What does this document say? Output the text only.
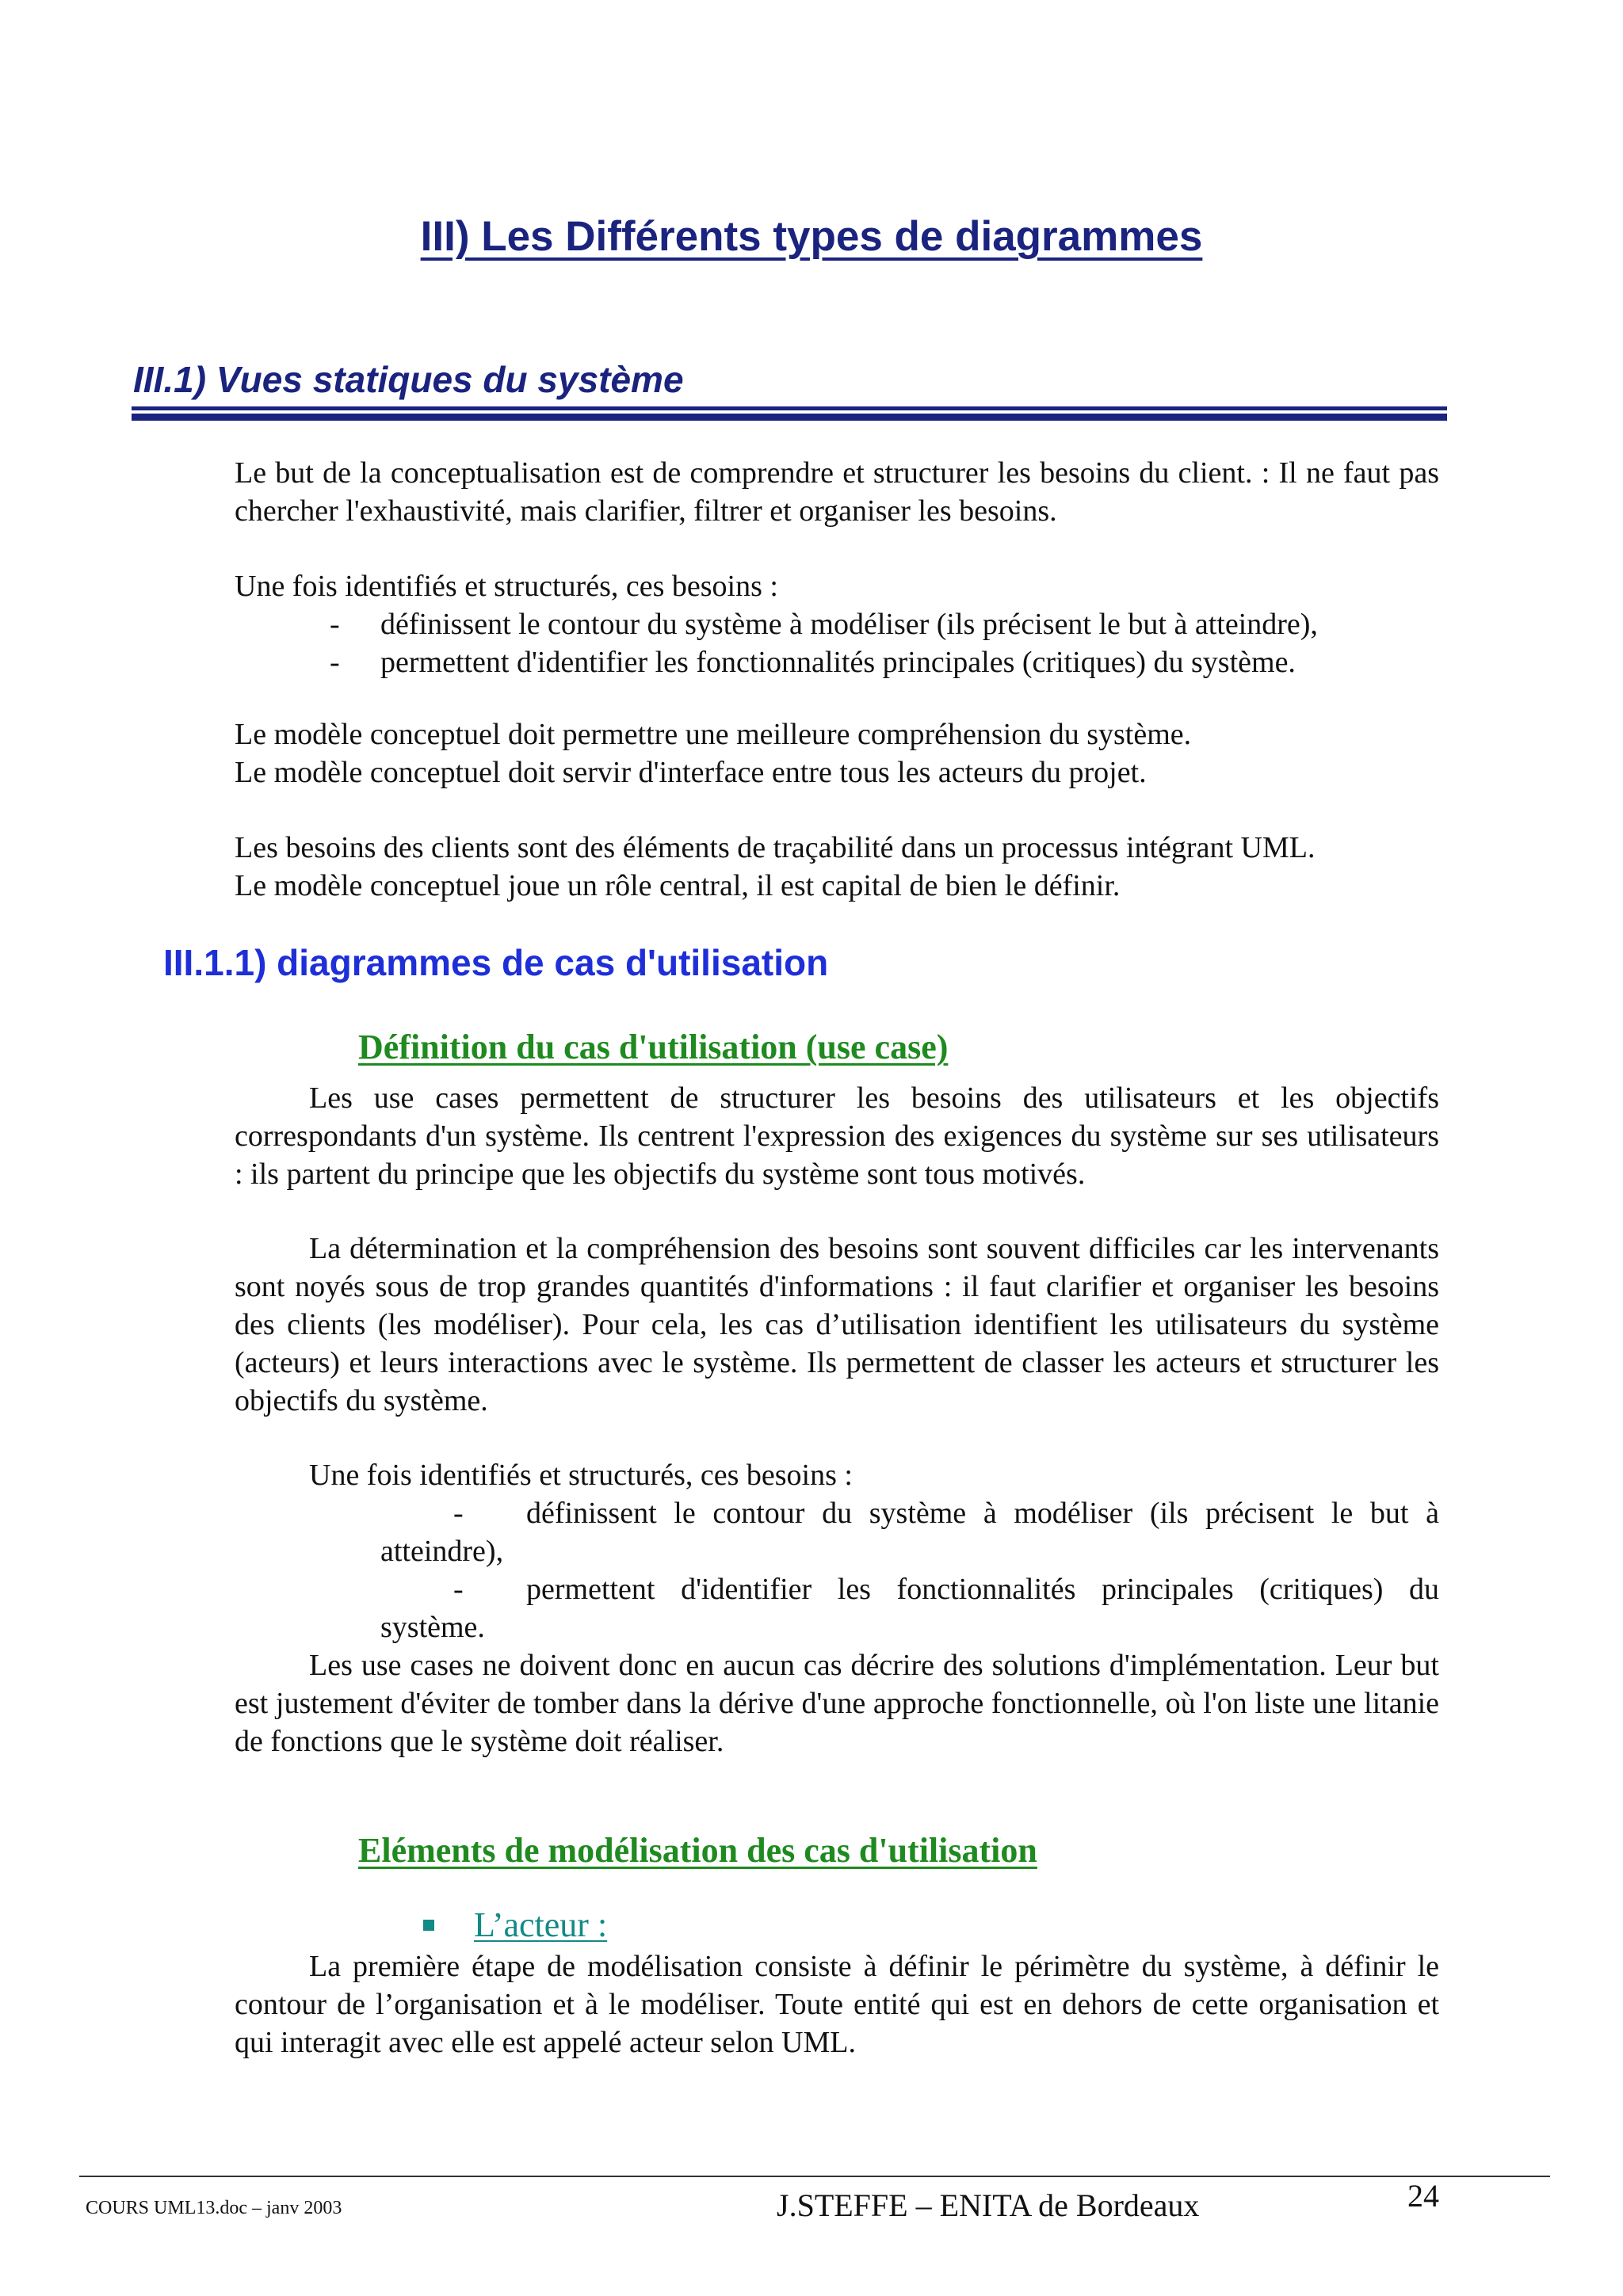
III) Les Différents types de diagrammes
III.1) Vues statiques du système

Le but de la conceptualisation est de comprendre et structurer les besoins du client. : Il ne faut pas chercher l'exhaustivité, mais clarifier, filtrer et organiser les besoins.

Une fois identifiés et structurés, ces besoins :

- définissent le contour du système à modéliser (ils précisent le but à atteindre),

- permettent d'identifier les fonctionnalités principales (critiques) du système.

Le modèle conceptuel doit permettre une meilleure compréhension du système.

Le modèle conceptuel doit servir d'interface entre tous les acteurs du projet.

Les besoins des clients sont des éléments de traçabilité dans un processus intégrant UML.

Le modèle conceptuel joue un rôle central, il est capital de bien le définir.

III.1.1) diagrammes de cas d'utilisation
Définition du cas d'utilisation (use case)

Les use cases permettent de structurer les besoins des utilisateurs et les objectifs correspondants d'un système. Ils centrent l'expression des exigences du système sur ses utilisateurs : ils partent du principe que les objectifs du système sont tous motivés.

La détermination et la compréhension des besoins sont souvent difficiles car les intervenants sont noyés sous de trop grandes quantités d'informations : il faut clarifier et organiser les besoins des clients (les modéliser). Pour cela, les cas d’utilisation identifient les utilisateurs du système (acteurs) et leurs interactions avec le système. Ils permettent de classer les acteurs et structurer les objectifs du système.

Une fois identifiés et structurés, ces besoins :

-	définissent le contour du système à modéliser (ils précisent le but à atteindre),

-	permettent d'identifier les fonctionnalités principales (critiques) du système.

Les use cases ne doivent donc en aucun cas décrire des solutions d'implémentation. Leur but est justement d'éviter de tomber dans la dérive d'une approche fonctionnelle, où l'on liste une litanie de fonctions que le système doit réaliser.

Eléments de modélisation des cas d'utilisation
L’acteur :

La première étape de modélisation consiste à définir le périmètre du système, à définir le contour de l’organisation et à le modéliser. Toute entité qui est en dehors de cette organisation et qui interagit avec elle est appelé acteur selon UML.

COURS UML13.doc – janv 2003	J.STEFFE – ENITA de Bordeaux	24
